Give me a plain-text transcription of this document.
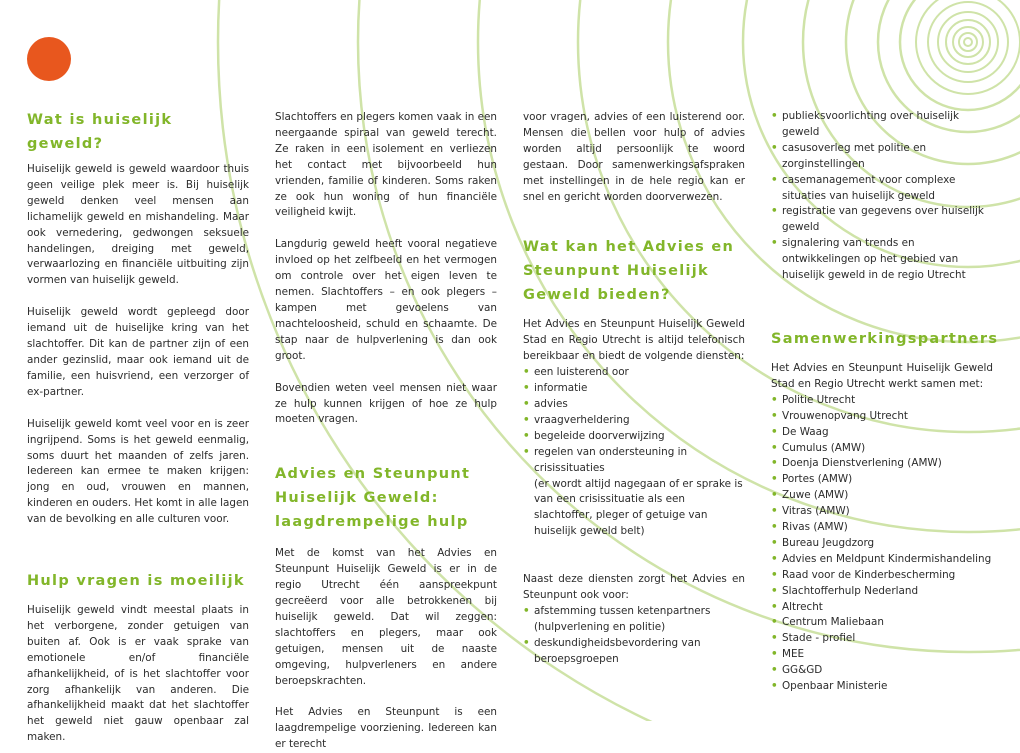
Wat is huiselijk geweld?

Huiselijk geweld is geweld waardoor thuis geen veilige plek meer is. Bij huiselijk geweld denken veel mensen aan lichamelijk geweld en mishandeling. Maar ook vernedering, gedwongen seksuele handelingen, dreiging met geweld, verwaarlozing en financiële uitbuiting zijn vormen van huiselijk geweld.

Huiselijk geweld wordt gepleegd door iemand uit de huiselijke kring van het slachtoffer. Dit kan de partner zijn of een ander gezinslid, maar ook iemand uit de familie, een huisvriend, een verzorger of ex-partner.

Huiselijk geweld komt veel voor en is zeer ingrijpend. Soms is het geweld eenmalig, soms duurt het maanden of zelfs jaren. Iedereen kan ermee te maken krijgen: jong en oud, vrouwen en mannen, kinderen en ouders. Het komt in alle lagen van de bevolking en alle culturen voor.

Hulp vragen is moeilijk

Huiselijk geweld vindt meestal plaats in het verborgene, zonder getuigen van buiten af. Ook is er vaak sprake van emotionele en/of financiële afhankelijkheid, of is het slachtoffer voor zorg afhankelijk van anderen. Die afhankelijkheid maakt dat het slachtoffer het geweld niet gauw openbaar zal maken.

Slachtoffers en plegers komen vaak in een neergaande spiraal van geweld terecht. Ze raken in een isolement en verliezen het contact met bijvoorbeeld hun vrienden, familie of kinderen. Soms raken ze ook hun woning of hun financiële veiligheid kwijt.

Langdurig geweld heeft vooral negatieve invloed op het zelfbeeld en het vermogen om controle over het eigen leven te nemen. Slachtoffers – en ook plegers – kampen met gevoelens van machteloosheid, schuld en schaamte. De stap naar de hulpverlening is dan ook groot.

Bovendien weten veel mensen niet waar ze hulp kunnen krijgen of hoe ze hulp moeten vragen.

Advies en Steunpunt Huiselijk Geweld: laagdrempelige hulp

Met de komst van het Advies en Steunpunt Huiselijk Geweld is er in de regio Utrecht één aanspreekpunt gecreëerd voor alle betrokkenen bij huiselijk geweld. Dat wil zeggen: slachtoffers en plegers, maar ook getuigen, mensen uit de naaste omgeving, hulpverleners en andere beroepskrachten.

Het Advies en Steunpunt is een laagdrempelige voorziening. Iedereen kan er terecht

voor vragen, advies of een luisterend oor. Mensen die bellen voor hulp of advies worden altijd persoonlijk te woord gestaan. Door samenwerkingsafspraken met instellingen in de hele regio kan er snel en gericht worden doorverwezen.

Wat kan het Advies en Steunpunt Huiselijk Geweld bieden?

Het Advies en Steunpunt Huiselijk Geweld Stad en Regio Utrecht is altijd telefonisch bereikbaar en biedt de volgende diensten:

• een luisterend oor
• informatie
• advies
• vraagverheldering
• begeleide doorverwijzing
• regelen van ondersteuning in crisissituaties
(er wordt altijd nagegaan of er sprake is van een crisissituatie als een slachtoffer, pleger of getuige van huiselijk geweld belt)

Naast deze diensten zorgt het Advies en Steunpunt ook voor:

• afstemming tussen ketenpartners (hulpverlening en politie)
• deskundigheidsbevordering van beroepsgroepen
• publieksvoorlichting over huiselijk geweld
• casusoverleg met politie en zorginstellingen
• casemanagement voor complexe situaties van huiselijk geweld
• registratie van gegevens over huiselijk geweld
• signalering van trends en ontwikkelingen op het gebied van huiselijk geweld in de regio Utrecht
Samenwerkingspartners

Het Advies en Steunpunt Huiselijk Geweld Stad en Regio Utrecht werkt samen met:

• Politie Utrecht
• Vrouwenopvang Utrecht
• De Waag
• Cumulus (AMW)
• Doenja Dienstverlening (AMW)
• Portes (AMW)
• Zuwe (AMW)
• Vitras (AMW)
• Rivas (AMW)
• Bureau Jeugdzorg
• Advies en Meldpunt Kindermishandeling
• Raad voor de Kinderbescherming
• Slachtofferhulp Nederland
• Altrecht
• Centrum Maliebaan
• Stade - profiel
• MEE
• GG&GD
• Openbaar Ministerie
